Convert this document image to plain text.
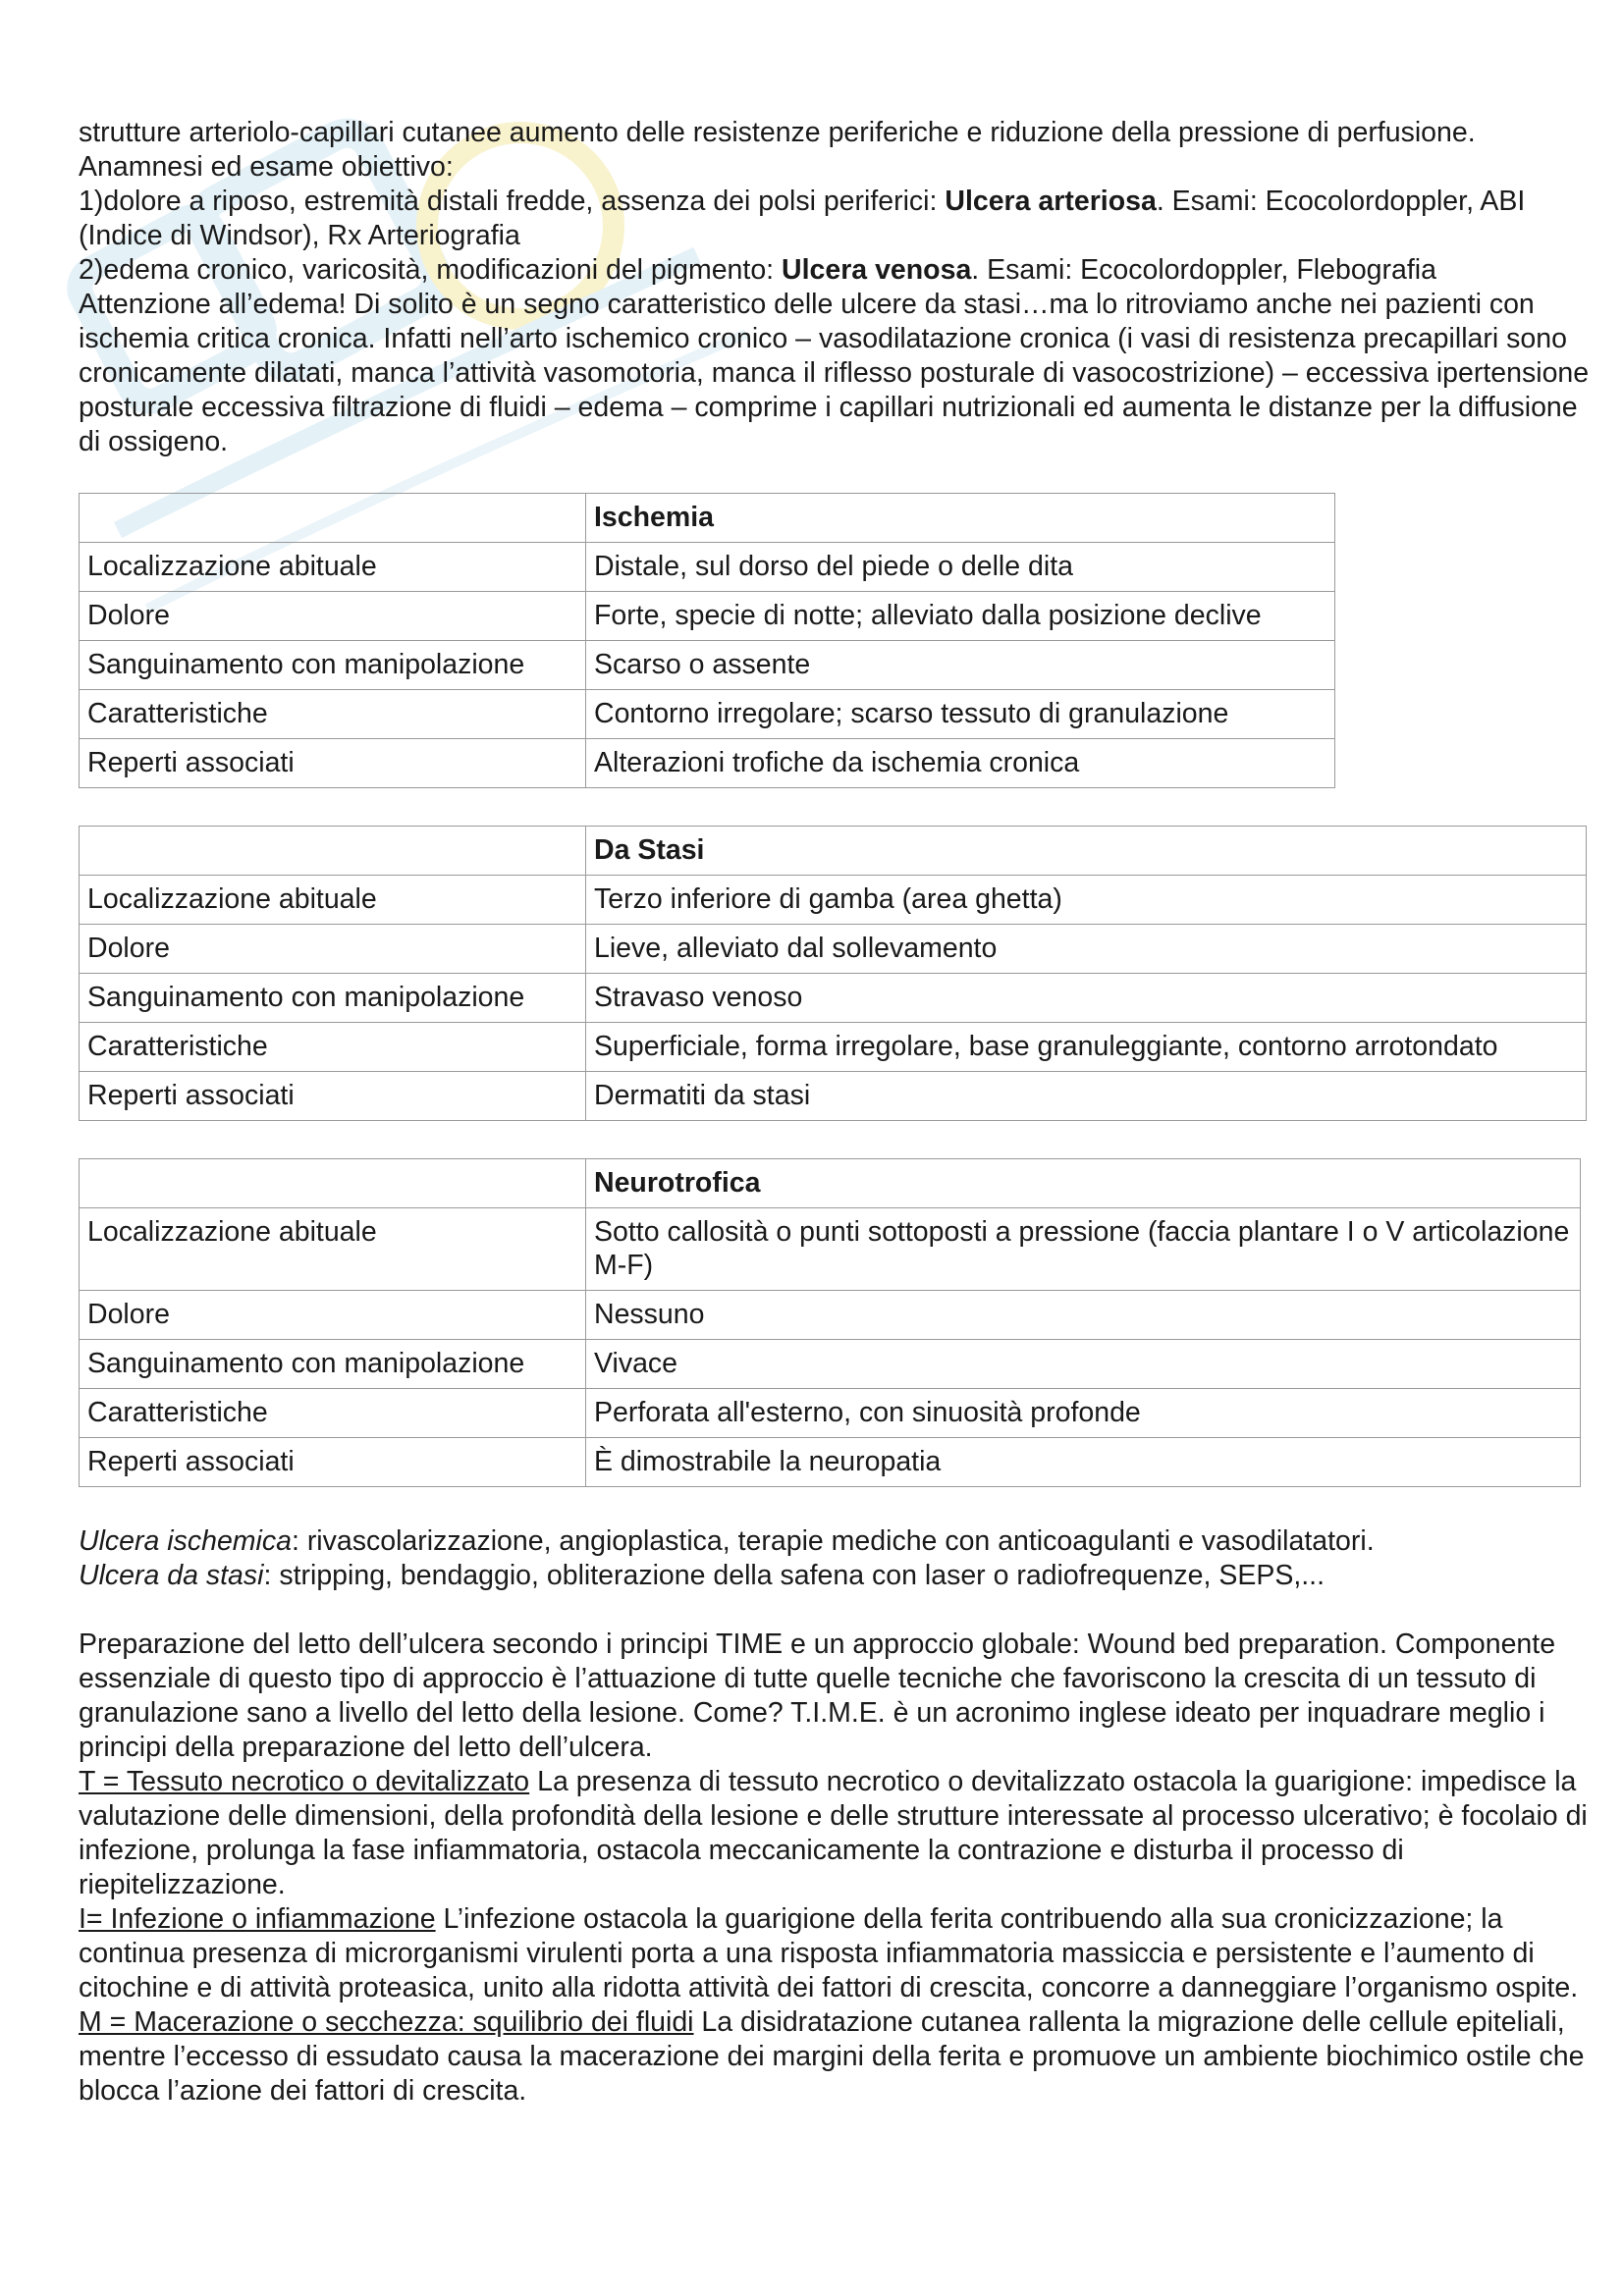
strutture arteriolo-capillari cutanee aumento delle resistenze periferiche e riduzione della pressione di perfusione.

Anamnesi ed esame obiettivo:

1)dolore a riposo, estremità distali fredde, assenza dei polsi periferici: Ulcera arteriosa. Esami: Ecocolordoppler, ABI (Indice di Windsor), Rx Arteriografia

2)edema cronico, varicosità, modificazioni del pigmento: Ulcera venosa. Esami: Ecocolordoppler, Flebografia

Attenzione all’edema! Di solito è un segno caratteristico delle ulcere da stasi…ma lo ritroviamo anche nei pazienti con ischemia critica cronica. Infatti nell’arto ischemico cronico – vasodilatazione cronica (i vasi di resistenza precapillari sono cronicamente dilatati, manca l’attività vasomotoria, manca il riflesso posturale di vasocostrizione) – eccessiva ipertensione posturale eccessiva filtrazione di fluidi – edema – comprime i capillari nutrizionali ed aumenta le distanze per la diffusione di ossigeno.

	Ischemia
Localizzazione abituale	Distale, sul dorso del piede o delle dita
Dolore	Forte, specie di notte; alleviato dalla posizione declive
Sanguinamento con manipolazione	Scarso o assente
Caratteristiche	Contorno irregolare; scarso tessuto di granulazione
Reperti associati	Alterazioni trofiche da ischemia cronica
	Da Stasi
Localizzazione abituale	Terzo inferiore di gamba (area ghetta)
Dolore	Lieve, alleviato dal sollevamento
Sanguinamento con manipolazione	Stravaso venoso
Caratteristiche	Superficiale, forma irregolare, base granuleggiante, contorno arrotondato
Reperti associati	Dermatiti da stasi
	Neurotrofica
Localizzazione abituale	Sotto callosità o punti sottoposti a pressione (faccia plantare I o V articolazione M-F)
Dolore	Nessuno
Sanguinamento con manipolazione	Vivace
Caratteristiche	Perforata all'esterno, con sinuosità profonde
Reperti associati	È dimostrabile la neuropatia

Ulcera ischemica: rivascolarizzazione, angioplastica, terapie mediche con anticoagulanti e vasodilatatori.

Ulcera da stasi: stripping, bendaggio, obliterazione della safena con laser o radiofrequenze, SEPS,...

Preparazione del letto dell’ulcera secondo i principi TIME e un approccio globale: Wound bed preparation. Componente essenziale di questo tipo di approccio è l’attuazione di tutte quelle tecniche che favoriscono la crescita di un tessuto di granulazione sano a livello del letto della lesione. Come? T.I.M.E. è un acronimo inglese ideato per inquadrare meglio i principi della preparazione del letto dell’ulcera.

T = Tessuto necrotico o devitalizzato La presenza di tessuto necrotico o devitalizzato ostacola la guarigione: impedisce la valutazione delle dimensioni, della profondità della lesione e delle strutture interessate al processo ulcerativo; è focolaio di infezione, prolunga la fase infiammatoria, ostacola meccanicamente la contrazione e disturba il processo di riepitelizzazione.

I= Infezione o infiammazione L’infezione ostacola la guarigione della ferita contribuendo alla sua cronicizzazione; la continua presenza di microrganismi virulenti porta a una risposta infiammatoria massiccia e persistente e l’aumento di citochine e di attività proteasica, unito alla ridotta attività dei fattori di crescita, concorre a danneggiare l’organismo ospite.

M = Macerazione o secchezza: squilibrio dei fluidi La disidratazione cutanea rallenta la migrazione delle cellule epiteliali, mentre l’eccesso di essudato causa la macerazione dei margini della ferita e promuove un ambiente biochimico ostile che blocca l’azione dei fattori di crescita.
